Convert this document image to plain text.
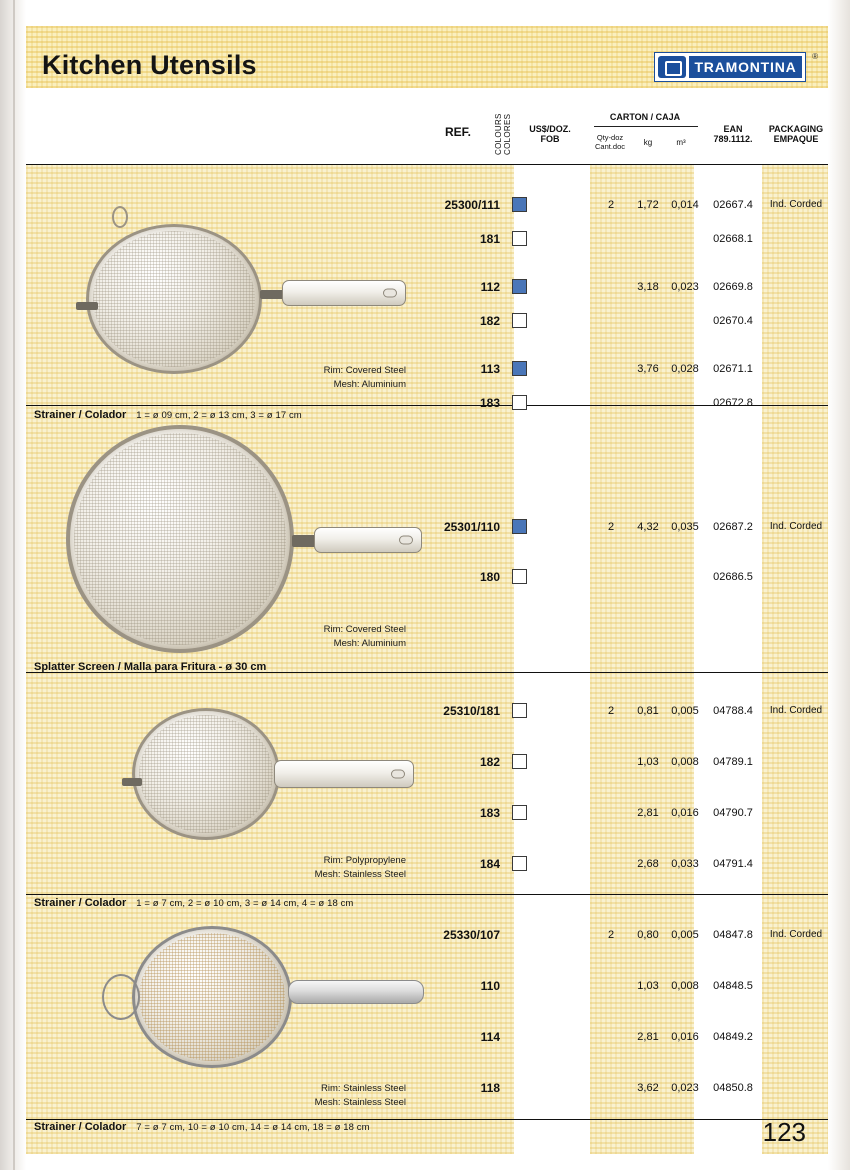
Kitchen Utensils	TRAMONTINA
®
REF.	COLOURS COLORES	US$/DOZ.
FOB
CARTON / CAJA
Qty-doz
Cant.doc	kg	m³
EAN
789.1112.
PACKAGING
EMPAQUE
Rim: Covered Steel
Mesh: Aluminium
Strainer / Colador 1 = ø 09 cm, 2 = ø 13 cm, 3 = ø 17 cm
25300/111	2	1,72	0,014	02667.4	Ind. Corded
181	02668.1
112	3,18	0,023	02669.8
182	02670.4
113	3,76	0,028	02671.1
183	02672.8
Rim: Covered Steel
Mesh: Aluminium
Splatter Screen / Malla para Fritura - ø 30 cm
25301/110	2	4,32	0,035	02687.2	Ind. Corded
180	02686.5
Rim: Polypropylene
Mesh: Stainless Steel
Strainer / Colador 1 = ø 7 cm, 2 = ø 10 cm, 3 = ø 14 cm, 4 = ø 18 cm
25310/181	2	0,81	0,005	04788.4	Ind. Corded
182	1,03	0,008	04789.1
183	2,81	0,016	04790.7
184	2,68	0,033	04791.4
Rim: Stainless Steel
Mesh: Stainless Steel
Strainer / Colador 7 = ø 7 cm, 10 = ø 10 cm, 14 = ø 14 cm, 18 = ø 18 cm
25330/107	2	0,80	0,005	04847.8	Ind. Corded
110	1,03	0,008	04848.5
114	2,81	0,016	04849.2
118	3,62	0,023	04850.8
123
